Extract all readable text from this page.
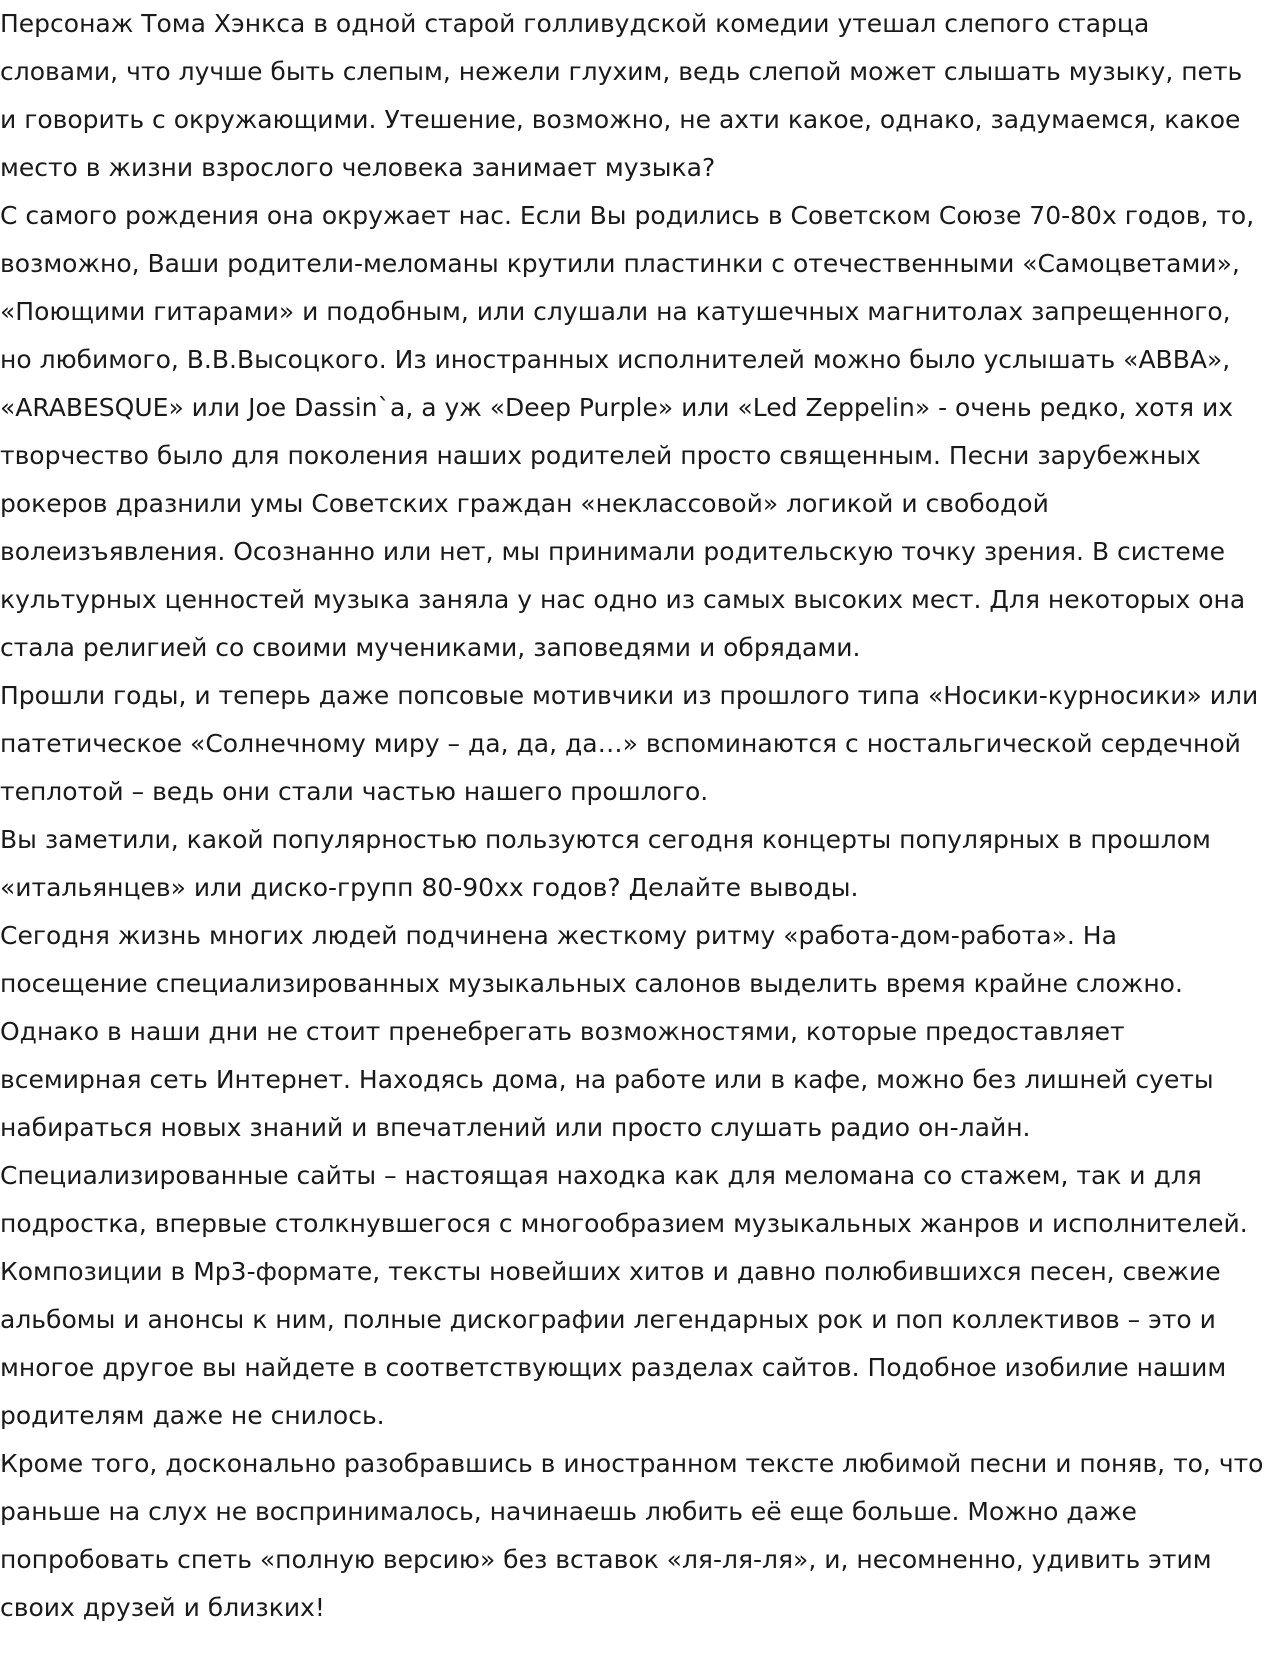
Персонаж Тома Хэнкса в одной старой голливудской комедии утешал слепого старца словами, что лучше быть слепым, нежели глухим, ведь слепой может слышать музыку, петь и говорить с окружающими. Утешение, возможно, не ахти какое, однако, задумаемся, какое место в жизни взрослого человека занимает музыка?

С самого рождения она окружает нас. Если Вы родились в Советском Союзе 70-80х годов, то, возможно, Ваши родители-меломаны крутили пластинки с отечественными «Самоцветами», «Поющими гитарами» и подобным, или слушали на катушечных магнитолах запрещенного, но любимого, В.В.Высоцкого. Из иностранных исполнителей можно было услышать «ABBA», «ARABESQUE» или Joe Dassin`a, а уж «Deep Purple» или «Led Zeppelin» - очень редко, хотя их творчество было для поколения наших родителей просто священным. Песни зарубежных рокеров дразнили умы Советских граждан «неклассовой» логикой и свободой волеизъявления. Осознанно или нет, мы принимали родительскую точку зрения. В системе культурных ценностей музыка заняла у нас одно из самых высоких мест. Для некоторых она стала религией со своими мучениками, заповедями и обрядами.

Прошли годы, и теперь даже попсовые мотивчики из прошлого типа «Носики-курносики» или патетическое «Солнечному миру – да, да, да…» вспоминаются с ностальгической сердечной теплотой – ведь они стали частью нашего прошлого.

Вы заметили, какой популярностью пользуются сегодня концерты популярных в прошлом «итальянцев» или диско-групп 80-90хх годов? Делайте выводы.

Сегодня жизнь многих людей подчинена жесткому ритму «работа-дом-работа». На посещение специализированных музыкальных салонов выделить время крайне сложно. Однако в наши дни не стоит пренебрегать возможностями, которые предоставляет всемирная сеть Интернет. Находясь дома, на работе или в кафе, можно без лишней суеты набираться новых знаний и впечатлений или просто слушать радио он-лайн.

Специализированные сайты – настоящая находка как для меломана со стажем, так и для подростка, впервые столкнувшегося с многообразием музыкальных жанров и исполнителей. Композиции в Mp3-формате, тексты новейших хитов и давно полюбившихся песен, свежие альбомы и анонсы к ним, полные дискографии легендарных рок и поп коллективов – это и многое другое вы найдете в соответствующих разделах сайтов. Подобное изобилие нашим родителям даже не снилось.

Кроме того, досконально разобравшись в иностранном тексте любимой песни и поняв, то, что раньше на слух не воспринималось, начинаешь любить её еще больше. Можно даже попробовать спеть «полную версию» без вставок «ля-ля-ля», и, несомненно, удивить этим своих друзей и близких!
